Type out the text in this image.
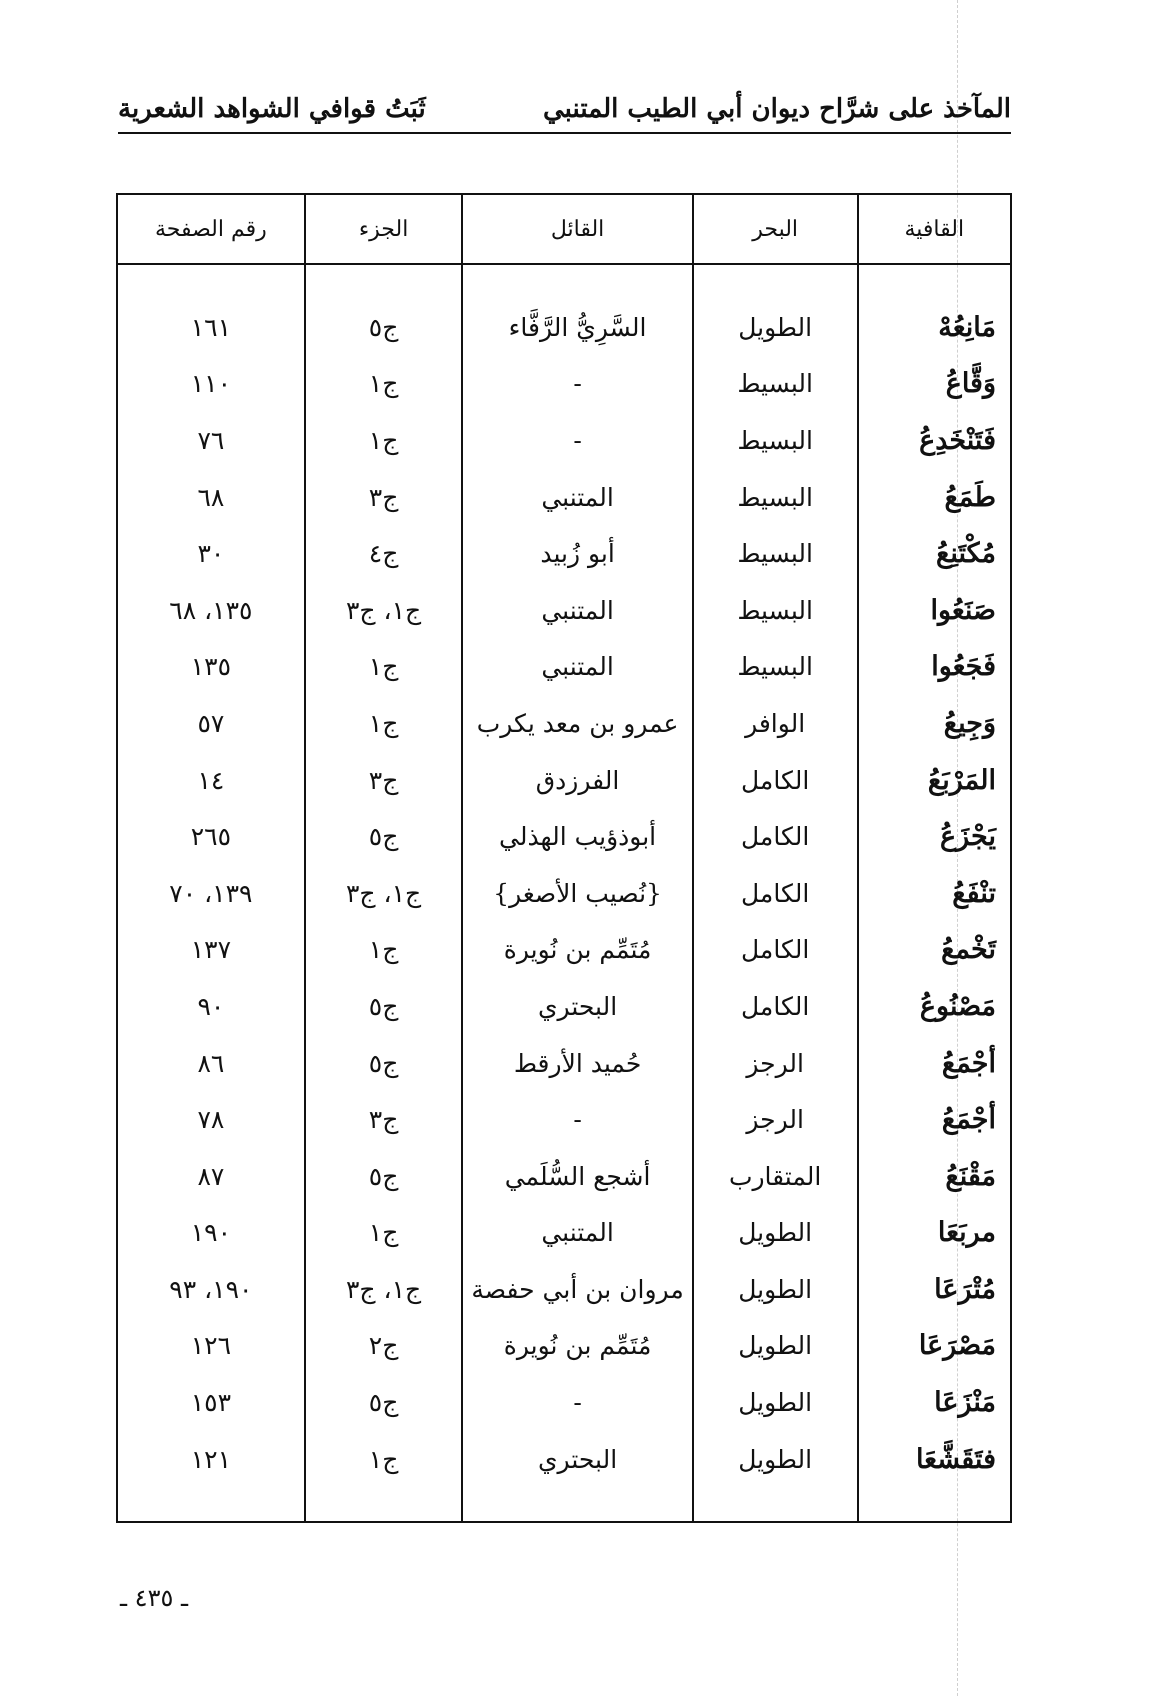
المآخذ على شرَّاح ديوان أبي الطيب المتنبي
ثَبَتُ قوافي الشواهد الشعرية
القافية	البحر	القائل	الجزء	رقم الصفحة

مَانِعُهْ	الطويل	السَّرِيُّ الرَّفَّاء	ج٥	١٦١
وَقَّاعُ	البسيط	-	ج١	١١٠
فَتَنْخَدِعُ	البسيط	-	ج١	٧٦
طَمَعُ	البسيط	المتنبي	ج٣	٦٨
مُكْتَنِعُ	البسيط	أبو زُبيد	ج٤	٣٠
صَنَعُوا	البسيط	المتنبي	ج١، ج٣	١٣٥، ٦٨
فَجَعُوا	البسيط	المتنبي	ج١	١٣٥
وَجِيعُ	الوافر	عمرو بن معد يكرب	ج١	٥٧
المَرْبَعُ	الكامل	الفرزدق	ج٣	١٤
يَجْزَعُ	الكامل	أبوذؤيب الهذلي	ج٥	٢٦٥
تنْفَعُ	الكامل	{نُصيب الأصغر}	ج١، ج٣	١٣٩، ٧٠
تَخْمعُ	الكامل	مُتَمِّم بن نُويرة	ج١	١٣٧
مَصْنُوعُ	الكامل	البحتري	ج٥	٩٠
أجْمَعُ	الرجز	حُميد الأرقط	ج٥	٨٦
أجْمَعُ	الرجز	-	ج٣	٧٨
مَقْنَعُ	المتقارب	أشجع السُّلَمي	ج٥	٨٧
مربَعَا	الطويل	المتنبي	ج١	١٩٠
مُتْرَعَا	الطويل	مروان بن أبي حفصة	ج١، ج٣	١٩٠، ٩٣
مَصْرَعَا	الطويل	مُتَمِّم بن نُويرة	ج٢	١٢٦
مَنْزَعَا	الطويل	-	ج٥	١٥٣
فتَقَشَّعَا	الطويل	البحتري	ج١	١٢١

ـ ٤٣٥ ـ
